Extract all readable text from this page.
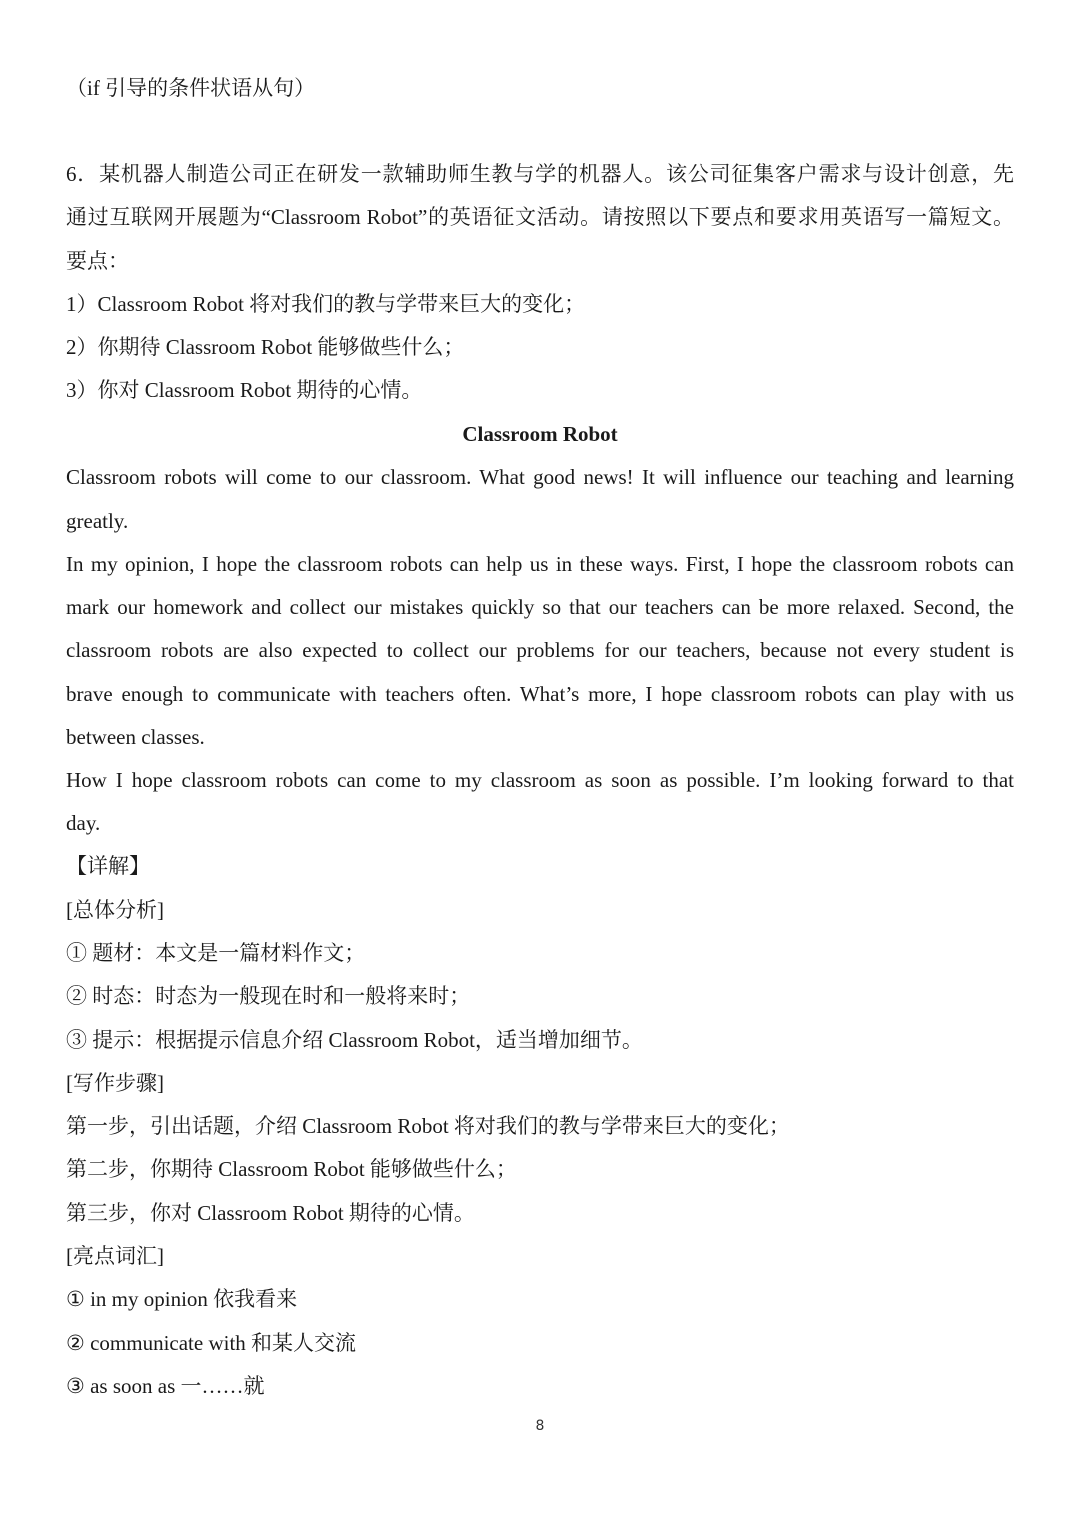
（if 引导的条件状语从句）
6．某机器人制造公司正在研发一款辅助师生教与学的机器人。该公司征集客户需求与设计创意，先
通过互联网开展题为“Classroom Robot”的英语征文活动。请按照以下要点和要求用英语写一篇短文。
要点：
1）Classroom Robot 将对我们的教与学带来巨大的变化；
2）你期待 Classroom Robot 能够做些什么；
3）你对 Classroom Robot 期待的心情。
Classroom Robot
Classroom robots will come to our classroom. What good news! It will influence our teaching and learning
greatly.
In my opinion, I hope the classroom robots can help us in these ways. First, I hope the classroom robots can
mark our homework and collect our mistakes quickly so that our teachers can be more relaxed. Second, the
classroom robots are also expected to collect our problems for our teachers, because not every student is
brave enough to communicate with teachers often. What’s more, I hope classroom robots can play with us
between classes.
How I hope classroom robots can come to my classroom as soon as possible. I’m looking forward to that
day.
【详解】
[总体分析]
① 题材：本文是一篇材料作文；
② 时态：时态为一般现在时和一般将来时；
③ 提示：根据提示信息介绍 Classroom Robot，适当增加细节。
[写作步骤]
第一步，引出话题，介绍 Classroom Robot 将对我们的教与学带来巨大的变化；
第二步，你期待 Classroom Robot 能够做些什么；
第三步，你对 Classroom Robot 期待的心情。
[亮点词汇]
① in my opinion 依我看来
② communicate with 和某人交流
③ as soon as 一……就
8
